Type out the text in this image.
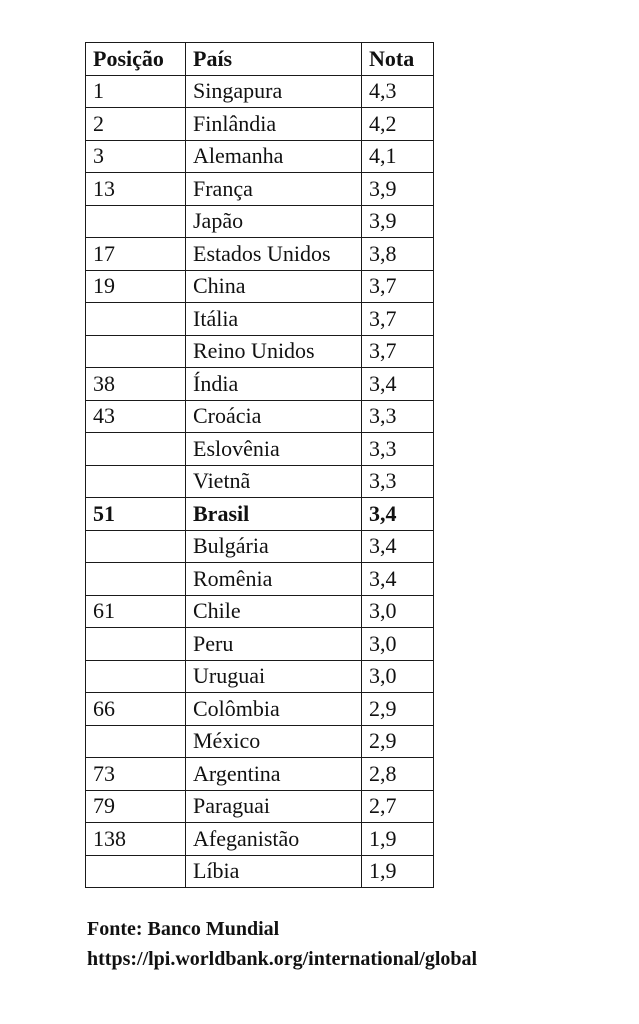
Posição	País	Nota
1	Singapura	4,3
2	Finlândia	4,2
3	Alemanha	4,1
13	França	3,9
	Japão	3,9
17	Estados Unidos	3,8
19	China	3,7
	Itália	3,7
	Reino Unidos	3,7
38	Índia	3,4
43	Croácia	3,3
	Eslovênia	3,3
	Vietnã	3,3
51	Brasil	3,4
	Bulgária	3,4
	Romênia	3,4
61	Chile	3,0
	Peru	3,0
	Uruguai	3,0
66	Colômbia	2,9
	México	2,9
73	Argentina	2,8
79	Paraguai	2,7
138	Afeganistão	1,9
	Líbia	1,9
Fonte: Banco Mundial
https://lpi.worldbank.org/international/global
